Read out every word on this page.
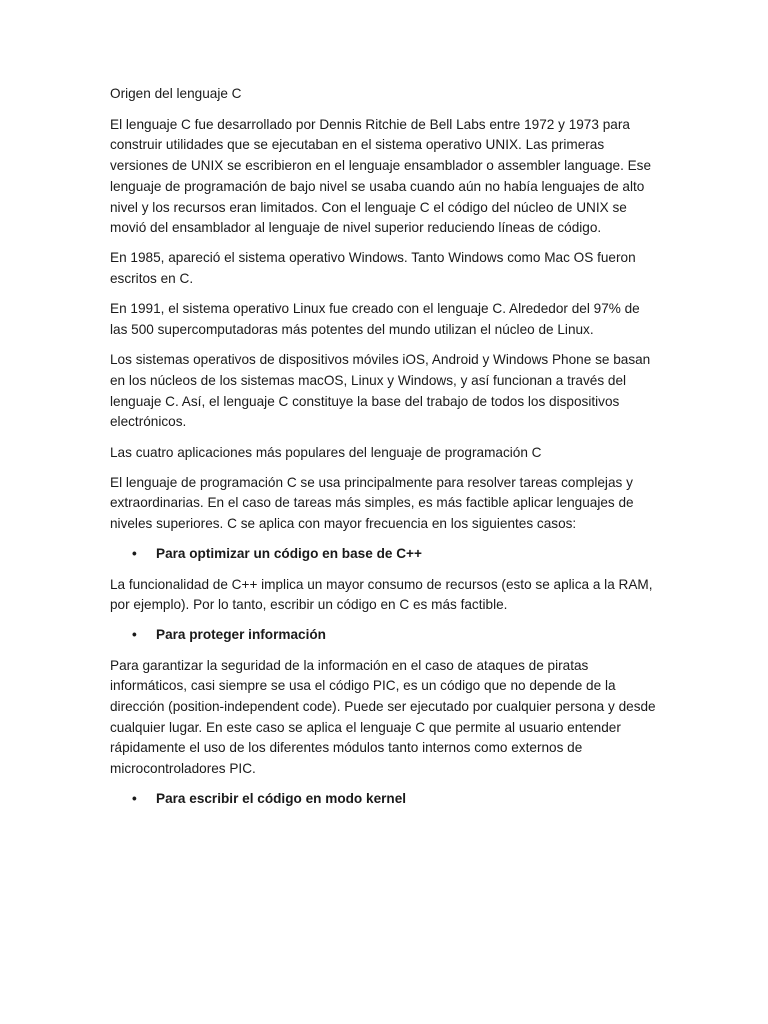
Origen del lenguaje C

El lenguaje C fue desarrollado por Dennis Ritchie de Bell Labs entre 1972 y 1973 para construir utilidades que se ejecutaban en el sistema operativo UNIX. Las primeras versiones de UNIX se escribieron en el lenguaje ensamblador o assembler language. Ese lenguaje de programación de bajo nivel se usaba cuando aún no había lenguajes de alto nivel y los recursos eran limitados. Con el lenguaje C el código del núcleo de UNIX se movió del ensamblador al lenguaje de nivel superior reduciendo líneas de código.

En 1985, apareció el sistema operativo Windows. Tanto Windows como Mac OS fueron escritos en C.

En 1991, el sistema operativo Linux fue creado con el lenguaje C. Alrededor del 97% de las 500 supercomputadoras más potentes del mundo utilizan el núcleo de Linux.

Los sistemas operativos de dispositivos móviles iOS, Android y Windows Phone se basan en los núcleos de los sistemas macOS, Linux y Windows, y así funcionan a través del lenguaje C. Así, el lenguaje C constituye la base del trabajo de todos los dispositivos electrónicos.

Las cuatro aplicaciones más populares del lenguaje de programación C

El lenguaje de programación C se usa principalmente para resolver tareas complejas y extraordinarias. En el caso de tareas más simples, es más factible aplicar lenguajes de niveles superiores. C se aplica con mayor frecuencia en los siguientes casos:

• Para optimizar un código en base de C++

La funcionalidad de C++ implica un mayor consumo de recursos (esto se aplica a la RAM, por ejemplo). Por lo tanto, escribir un código en C es más factible.

• Para proteger información

Para garantizar la seguridad de la información en el caso de ataques de piratas informáticos, casi siempre se usa el código PIC, es un código que no depende de la dirección (position-independent code). Puede ser ejecutado por cualquier persona y desde cualquier lugar. En este caso se aplica el lenguaje C que permite al usuario entender rápidamente el uso de los diferentes módulos tanto internos como externos de microcontroladores PIC.

• Para escribir el código en modo kernel
